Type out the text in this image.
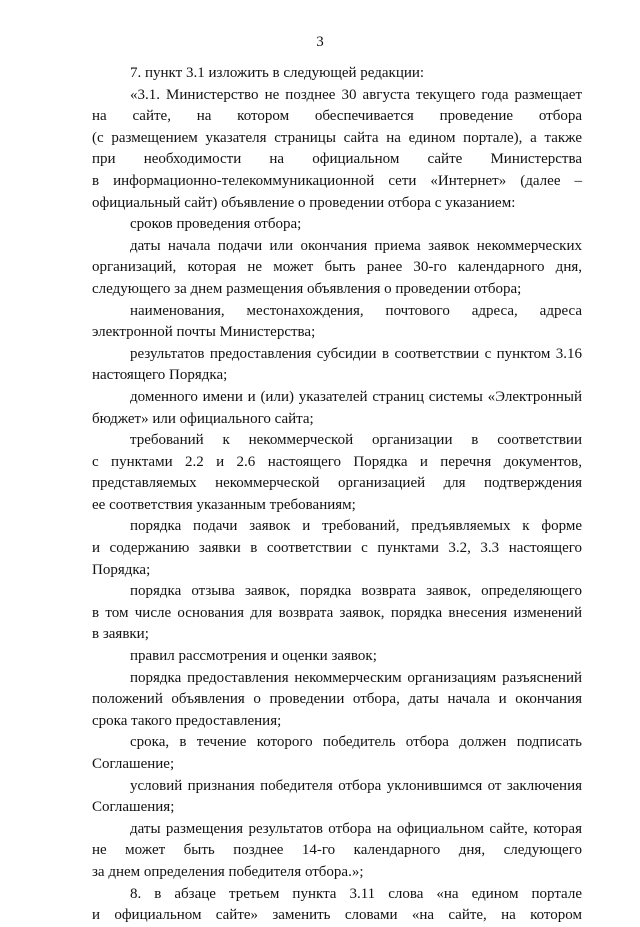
3
7. пункт 3.1 изложить в следующей редакции:
«3.1. Министерство не позднее 30 августа текущего года размещает
на сайте, на котором обеспечивается проведение отбора
(с размещением указателя страницы сайта на едином портале), а также
при необходимости на официальном сайте Министерства
в информационно-телекоммуникационной сети «Интернет» (далее –
официальный сайт) объявление о проведении отбора с указанием:
сроков проведения отбора;
даты начала подачи или окончания приема заявок некоммерческих
организаций, которая не может быть ранее 30-го календарного дня,
следующего за днем размещения объявления о проведении отбора;
наименования, местонахождения, почтового адреса, адреса
электронной почты Министерства;
результатов предоставления субсидии в соответствии с пунктом 3.16
настоящего Порядка;
доменного имени и (или) указателей страниц системы «Электронный
бюджет» или официального сайта;
требований к некоммерческой организации в соответствии
с пунктами 2.2 и 2.6 настоящего Порядка и перечня документов,
представляемых некоммерческой организацией для подтверждения
ее соответствия указанным требованиям;
порядка подачи заявок и требований, предъявляемых к форме
и содержанию заявки в соответствии с пунктами 3.2, 3.3 настоящего
Порядка;
порядка отзыва заявок, порядка возврата заявок, определяющего
в том числе основания для возврата заявок, порядка внесения изменений
в заявки;
правил рассмотрения и оценки заявок;
порядка предоставления некоммерческим организациям разъяснений
положений объявления о проведении отбора, даты начала и окончания
срока такого предоставления;
срока, в течение которого победитель отбора должен подписать
Соглашение;
условий признания победителя отбора уклонившимся от заключения
Соглашения;
даты размещения результатов отбора на официальном сайте, которая
не может быть позднее 14-го календарного дня, следующего
за днем определения победителя отбора.»;
8. в абзаце третьем пункта 3.11 слова «на едином портале
и официальном сайте» заменить словами «на сайте, на котором
